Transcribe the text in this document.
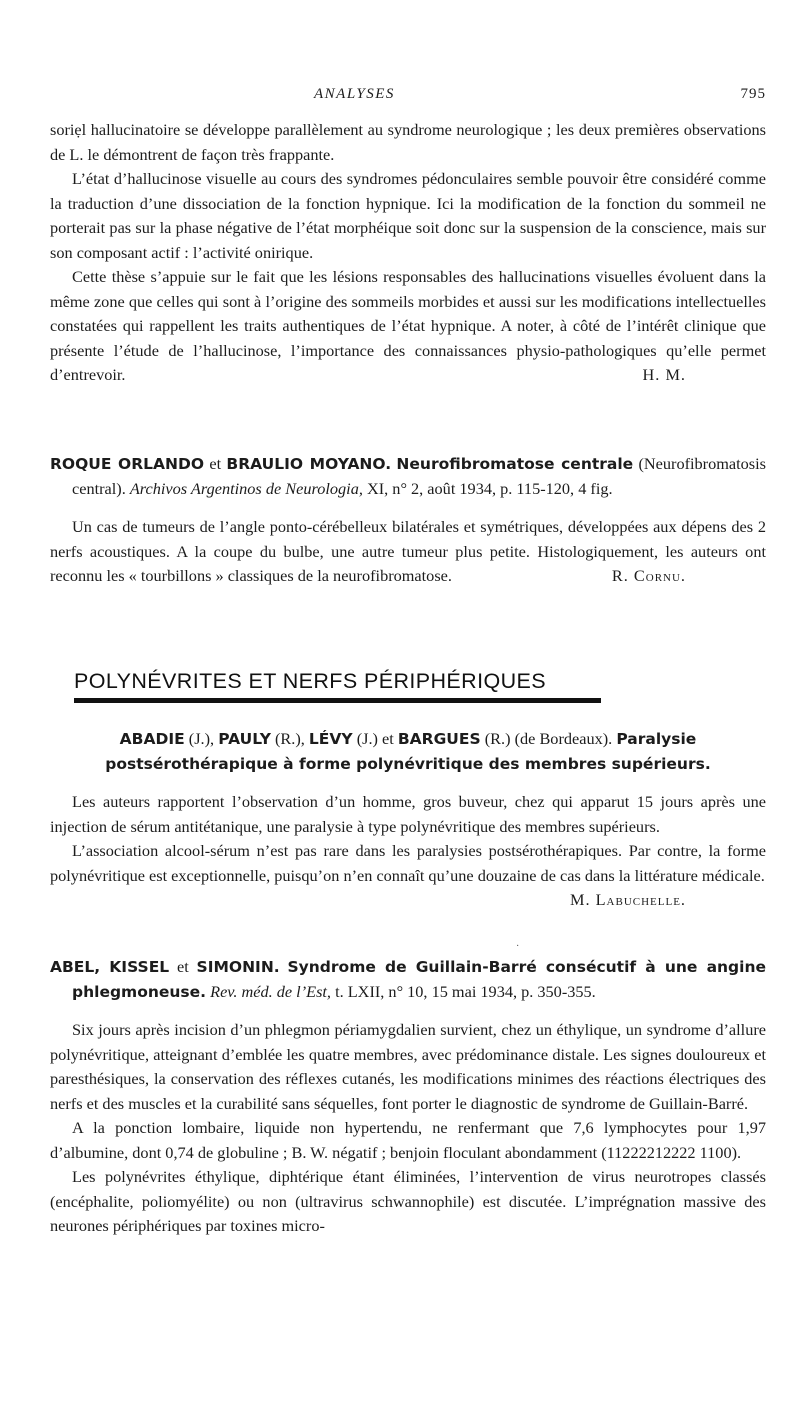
ANALYSES	795

soriẹl hallucinatoire se développe parallèlement au syndrome neurologique ; les deux premières observations de L. le démontrent de façon très frappante.

L’état d’hallucinose visuelle au cours des syndromes pédonculaires semble pouvoir être considéré comme la traduction d’une dissociation de la fonction hypnique. Ici la modification de la fonction du sommeil ne porterait pas sur la phase négative de l’état morphéique soit donc sur la suspension de la conscience, mais sur son composant actif : l’activité onirique.

Cette thèse s’appuie sur le fait que les lésions responsables des hallucinations visuelles évoluent dans la même zone que celles qui sont à l’origine des sommeils morbides et aussi sur les modifications intellectuelles constatées qui rappellent les traits authentiques de l’état hypnique. A noter, à côté de l’intérêt clinique que présente l’étude de l’hallucinose, l’importance des connaissances physio-pathologiques qu’elle permet d’entrevoir.	H. M.

ROQUE ORLANDO et BRAULIO MOYANO. Neurofibromatose centrale (Neurofibromatosis central). Archivos Argentinos de Neurologia, XI, n° 2, août 1934, p. 115-120, 4 fig.

Un cas de tumeurs de l’angle ponto-cérébelleux bilatérales et symétriques, développées aux dépens des 2 nerfs acoustiques. A la coupe du bulbe, une autre tumeur plus petite. Histologiquement, les auteurs ont reconnu les « tourbillons » classiques de la neurofibromatose.	R. Cornu.

POLYNÉVRITES ET NERFS PÉRIPHÉRIQUES

ABADIE (J.), PAULY (R.), LÉVY (J.) et BARGUES (R.) (de Bordeaux). Paralysie

postsérothérapique à forme polynévritique des membres supérieurs.

Les auteurs rapportent l’observation d’un homme, gros buveur, chez qui apparut 15 jours après une injection de sérum antitétanique, une paralysie à type polynévritique des membres supérieurs.

L’association alcool-sérum n’est pas rare dans les paralysies postsérothérapiques. Par contre, la forme polynévritique est exceptionnelle, puisqu’on n’en connaît qu’une douzaine de cas dans la littérature médicale.
M. Labuchelle.

·

ABEL, KISSEL et SIMONIN. Syndrome de Guillain-Barré consécutif à une angine phlegmoneuse. Rev. méd. de l’Est, t. LXII, n° 10, 15 mai 1934, p. 350-355.

Six jours après incision d’un phlegmon périamygdalien survient, chez un éthylique, un syndrome d’allure polynévritique, atteignant d’emblée les quatre membres, avec prédominance distale. Les signes douloureux et paresthésiques, la conservation des réflexes cutanés, les modifications minimes des réactions électriques des nerfs et des muscles et la curabilité sans séquelles, font porter le diagnostic de syndrome de Guillain-Barré.

A la ponction lombaire, liquide non hypertendu, ne renfermant que 7,6 lymphocytes pour 1,97 d’albumine, dont 0,74 de globuline ; B. W. négatif ; benjoin floculant abondamment (11222212222 1100).

Les polynévrites éthylique, diphtérique étant éliminées, l’intervention de virus neurotropes classés (encéphalite, poliomyélite) ou non (ultravirus schwannophile) est discutée. L’imprégnation massive des neurones périphériques par toxines micro-
